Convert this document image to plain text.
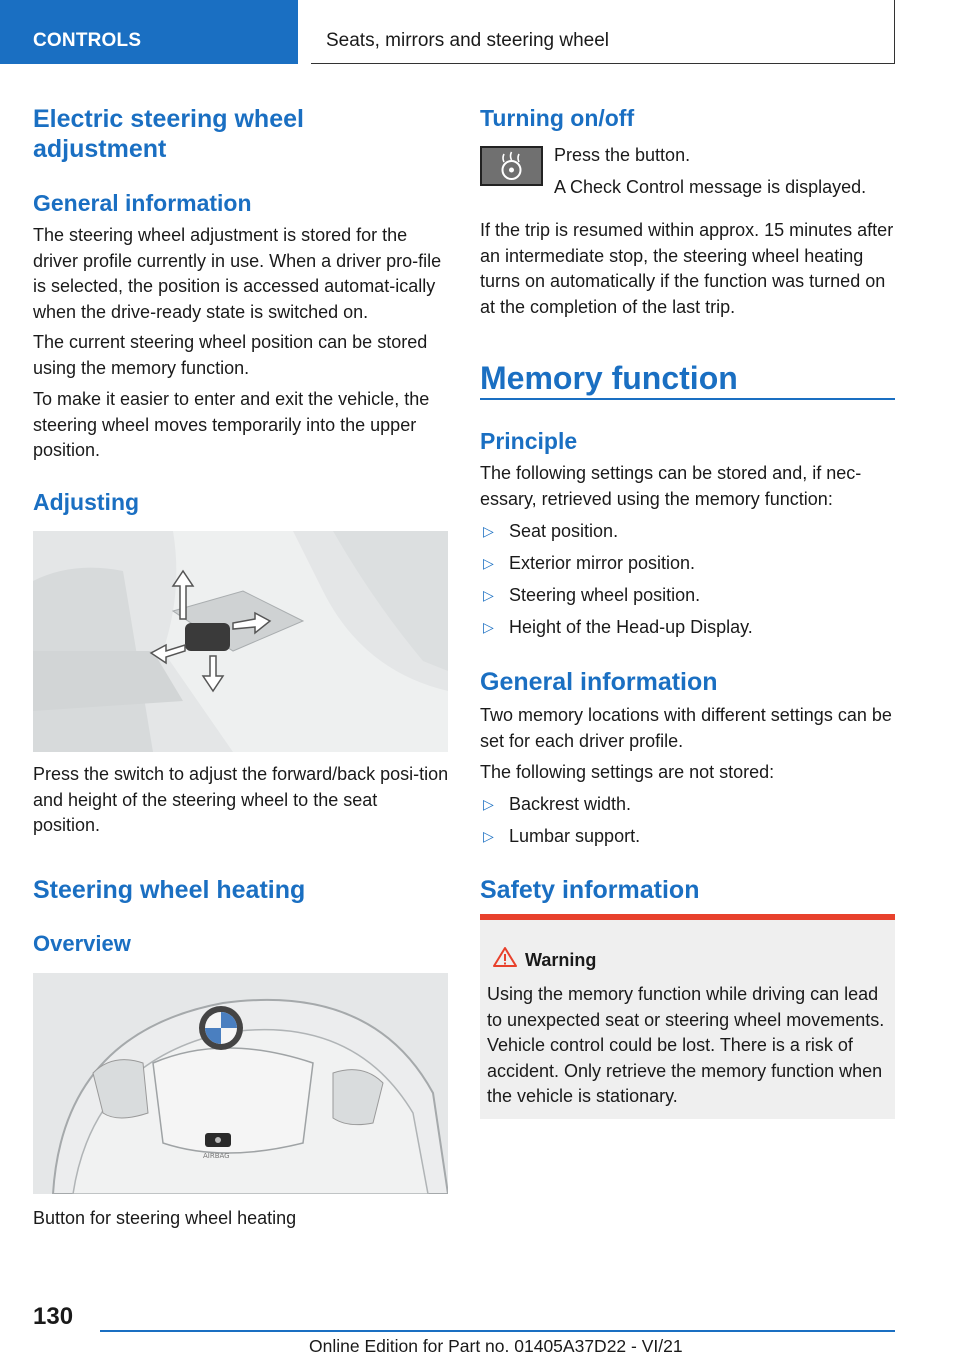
CONTROLS	Seats, mirrors and steering wheel
Electric steering wheel adjustment
General information

The steering wheel adjustment is stored for the driver profile currently in use. When a driver pro‐file is selected, the position is accessed automat‐ically when the drive-ready state is switched on.

The current steering wheel position can be stored using the memory function.

To make it easier to enter and exit the vehicle, the steering wheel moves temporarily into the upper position.

Adjusting

Press the switch to adjust the forward/back posi‐tion and height of the steering wheel to the seat position.

Steering wheel heating
Overview
AIRBAG

Button for steering wheel heating

Turning on/off

Press the button.

A Check Control message is displayed.

If the trip is resumed within approx. 15 minutes after an intermediate stop, the steering wheel heating turns on automatically if the function was turned on at the completion of the last trip.

Memory function
Principle

The following settings can be stored and, if nec‐essary, retrieved using the memory function:

▷ Seat position.
▷ Exterior mirror position.
▷ Steering wheel position.
▷ Height of the Head-up Display.
General information

Two memory locations with different settings can be set for each driver profile.

The following settings are not stored:

▷ Backrest width.
▷ Lumbar support.
Safety information
Warning
Using the memory function while driving can lead to unexpected seat or steering wheel movements. Vehicle control could be lost. There is a risk of accident. Only retrieve the memory function when the vehicle is stationary.
130
Online Edition for Part no. 01405A37D22 - VI/21
